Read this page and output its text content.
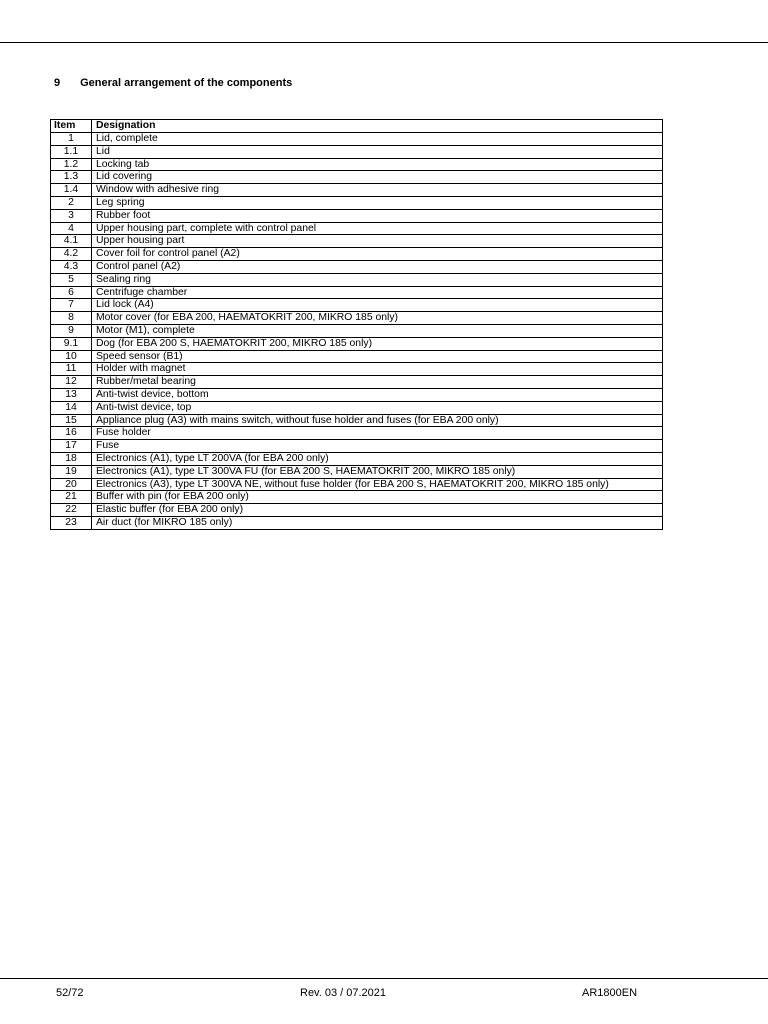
9 General arrangement of the components
Item	Designation
1	Lid, complete
1.1	Lid
1.2	Locking tab
1.3	Lid covering
1.4	Window with adhesive ring
2	Leg spring
3	Rubber foot
4	Upper housing part, complete with control panel
4.1	Upper housing part
4.2	Cover foil for control panel (A2)
4.3	Control panel (A2)
5	Sealing ring
6	Centrifuge chamber
7	Lid lock (A4)
8	Motor cover (for EBA 200, HAEMATOKRIT 200, MIKRO 185 only)
9	Motor (M1), complete
9.1	Dog (for EBA 200 S, HAEMATOKRIT 200, MIKRO 185 only)
10	Speed sensor (B1)
11	Holder with magnet
12	Rubber/metal bearing
13	Anti-twist device, bottom
14	Anti-twist device, top
15	Appliance plug (A3) with mains switch, without fuse holder and fuses (for EBA 200 only)
16	Fuse holder
17	Fuse
18	Electronics (A1), type LT 200VA (for EBA 200 only)
19	Electronics (A1), type LT 300VA FU (for EBA 200 S, HAEMATOKRIT 200, MIKRO 185 only)
20	Electronics (A3), type LT 300VA NE, without fuse holder (for EBA 200 S, HAEMATOKRIT 200, MIKRO 185 only)
21	Buffer with pin (for EBA 200 only)
22	Elastic buffer (for EBA 200 only)
23	Air duct (for MIKRO 185 only)
52/72	Rev. 03 / 07.2021	AR1800EN
